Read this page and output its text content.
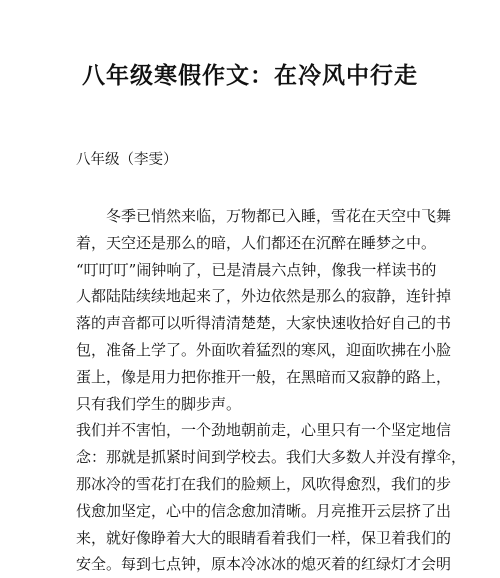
八年级寒假作文：在冷风中行走
八年级（李雯）
　　冬季已悄然来临，万物都已入睡，雪花在天空中飞舞
着，天空还是那么的暗，人们都还在沉醉在睡梦之中。
“叮叮叮”闹钟响了，已是清晨六点钟，像我一样读书的
人都陆陆续续地起来了，外边依然是那么的寂静，连针掉
落的声音都可以听得清清楚楚，大家快速收拾好自己的书
包，准备上学了。外面吹着猛烈的寒风，迎面吹拂在小脸
蛋上，像是用力把你推开一般，在黑暗而又寂静的路上，
只有我们学生的脚步声。
我们并不害怕，一个劲地朝前走，心里只有一个坚定地信
念：那就是抓紧时间到学校去。我们大多数人并没有撑伞，
那冰冷的雪花打在我们的脸颊上，风吹得愈烈，我们的步
伐愈加坚定，心中的信念愈加清晰。月亮推开云层挤了出
来，就好像睁着大大的眼睛看着我们一样，保卫着我们的
安全。每到七点钟，原本冷冰冰的熄灭着的红绿灯才会明
